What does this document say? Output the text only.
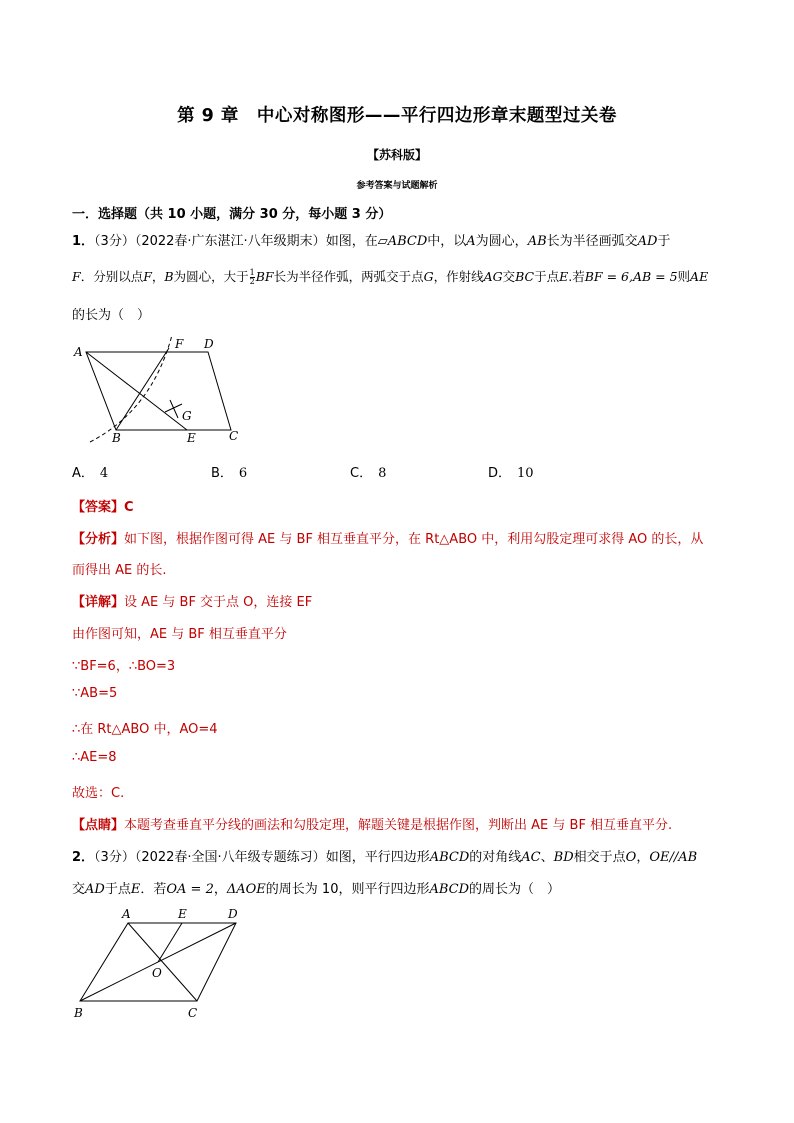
第 9 章　中心对称图形——平行四边形章末题型过关卷
【苏科版】
参考答案与试题解析
一．选择题（共 10 小题，满分 30 分，每小题 3 分）
1．（3分）（2022春·广东湛江·八年级期末）如图，在▱ABCD中，以A为圆心，AB长为半径画弧交AD于
F．分别以点F，B为圆心，大于 $\frac{1}{2}$ BF长为半径作弧，两弧交于点G，作射线AG交BC于点E.若BF = 6,AB = 5则AE
的长为（　）
A
F D
G
B	E	C
A． 4	B． 6	C． 8	D． 10
【答案】C
【分析】如下图，根据作图可得 AE 与 BF 相互垂直平分，在 Rt△ABO 中，利用勾股定理可求得 AO 的长，从
而得出 AE 的长.
【详解】设 AE 与 BF 交于点 O，连接 EF
由作图可知，AE 与 BF 相互垂直平分
∵BF=6，∴BO=3
∵AB=5
∴在 Rt△ABO 中，AO=4
∴AE=8
故选：C.
【点睛】本题考查垂直平分线的画法和勾股定理，解题关键是根据作图，判断出 AE 与 BF 相互垂直平分.
2．（3分）（2022春·全国·八年级专题练习）如图，平行四边形ABCD的对角线AC、BD相交于点O，OE//AB
交AD于点E．若OA = 2，ΔAOE的周长为 10，则平行四边形ABCD的周长为（　）
A	E	D
O
B	C
